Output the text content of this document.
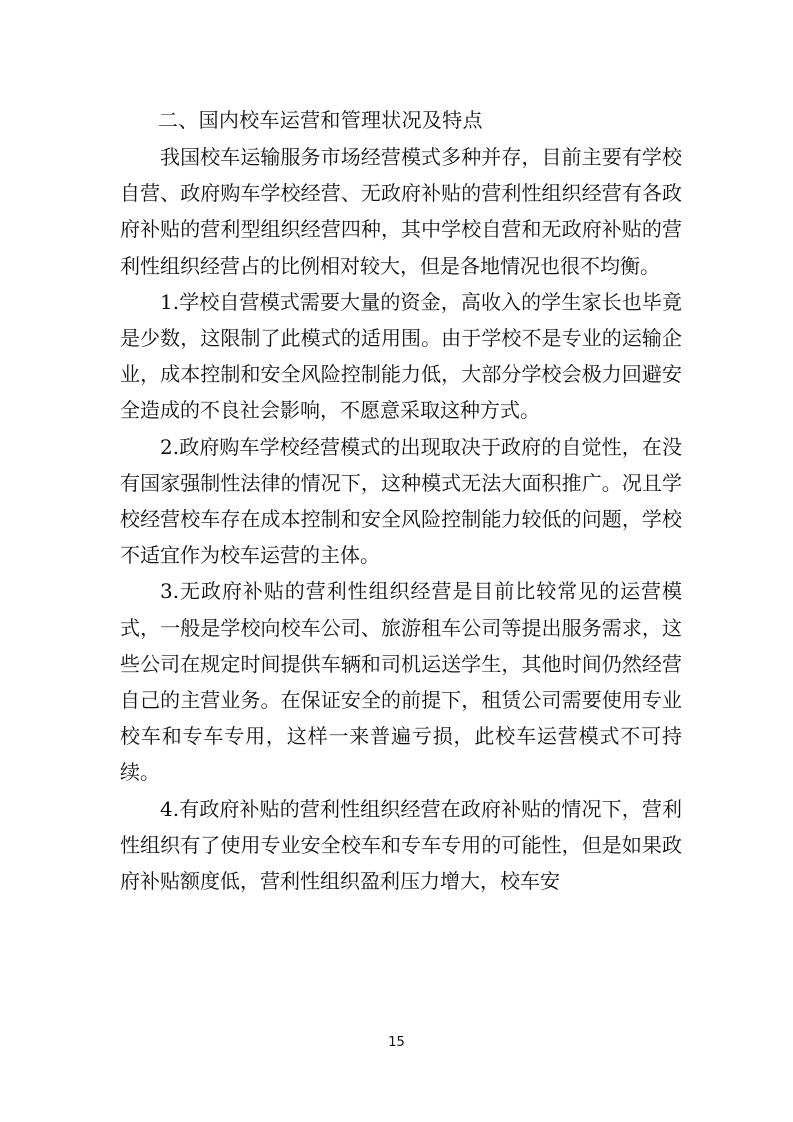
二、国内校车运营和管理状况及特点

我国校车运输服务市场经营模式多种并存，目前主要有学校自营、政府购车学校经营、无政府补贴的营利性组织经营有各政府补贴的营利型组织经营四种，其中学校自营和无政府补贴的营利性组织经营占的比例相对较大，但是各地情况也很不均衡。

1.学校自营模式需要大量的资金，高收入的学生家长也毕竟是少数，这限制了此模式的适用围。由于学校不是专业的运输企业，成本控制和安全风险控制能力低，大部分学校会极力回避安全造成的不良社会影响，不愿意采取这种方式。

2.政府购车学校经营模式的出现取决于政府的自觉性，在没有国家强制性法律的情况下，这种模式无法大面积推广。况且学校经营校车存在成本控制和安全风险控制能力较低的问题，学校不适宜作为校车运营的主体。

3.无政府补贴的营利性组织经营是目前比较常见的运营模式，一般是学校向校车公司、旅游租车公司等提出服务需求，这些公司在规定时间提供车辆和司机运送学生，其他时间仍然经营自己的主营业务。在保证安全的前提下，租赁公司需要使用专业校车和专车专用，这样一来普遍亏损，此校车运营模式不可持续。

4.有政府补贴的营利性组织经营在政府补贴的情况下，营利性组织有了使用专业安全校车和专车专用的可能性，但是如果政府补贴额度低，营利性组织盈利压力增大，校车安

15
